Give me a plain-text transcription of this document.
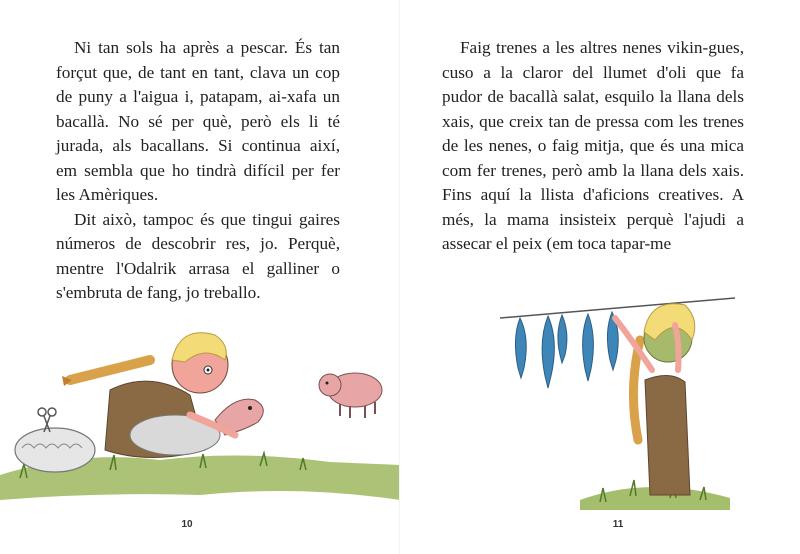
Ni tan sols ha après a pescar. És tan forçut que, de tant en tant, clava un cop de puny a l'aigua i, patapam, ai-xafa un bacallà. No sé per què, però els li té jurada, als bacallans. Si continua així, em sembla que ho tindrà difícil per fer les Amèriques.

Dit això, tampoc és que tingui gaires números de descobrir res, jo. Perquè, mentre l'Odalrik arrasa el galliner o s'embruta de fang, jo treballo.

10

Faig trenes a les altres nenes vikin-gues, cuso a la claror del llumet d'oli que fa pudor de bacallà salat, esquilo la llana dels xais, que creix tan de pressa com les trenes de les nenes, o faig mitja, que és una mica com fer trenes, però amb la llana dels xais. Fins aquí la llista d'aficions creatives. A més, la mama insisteix perquè l'ajudi a assecar el peix (em toca tapar-me

11
